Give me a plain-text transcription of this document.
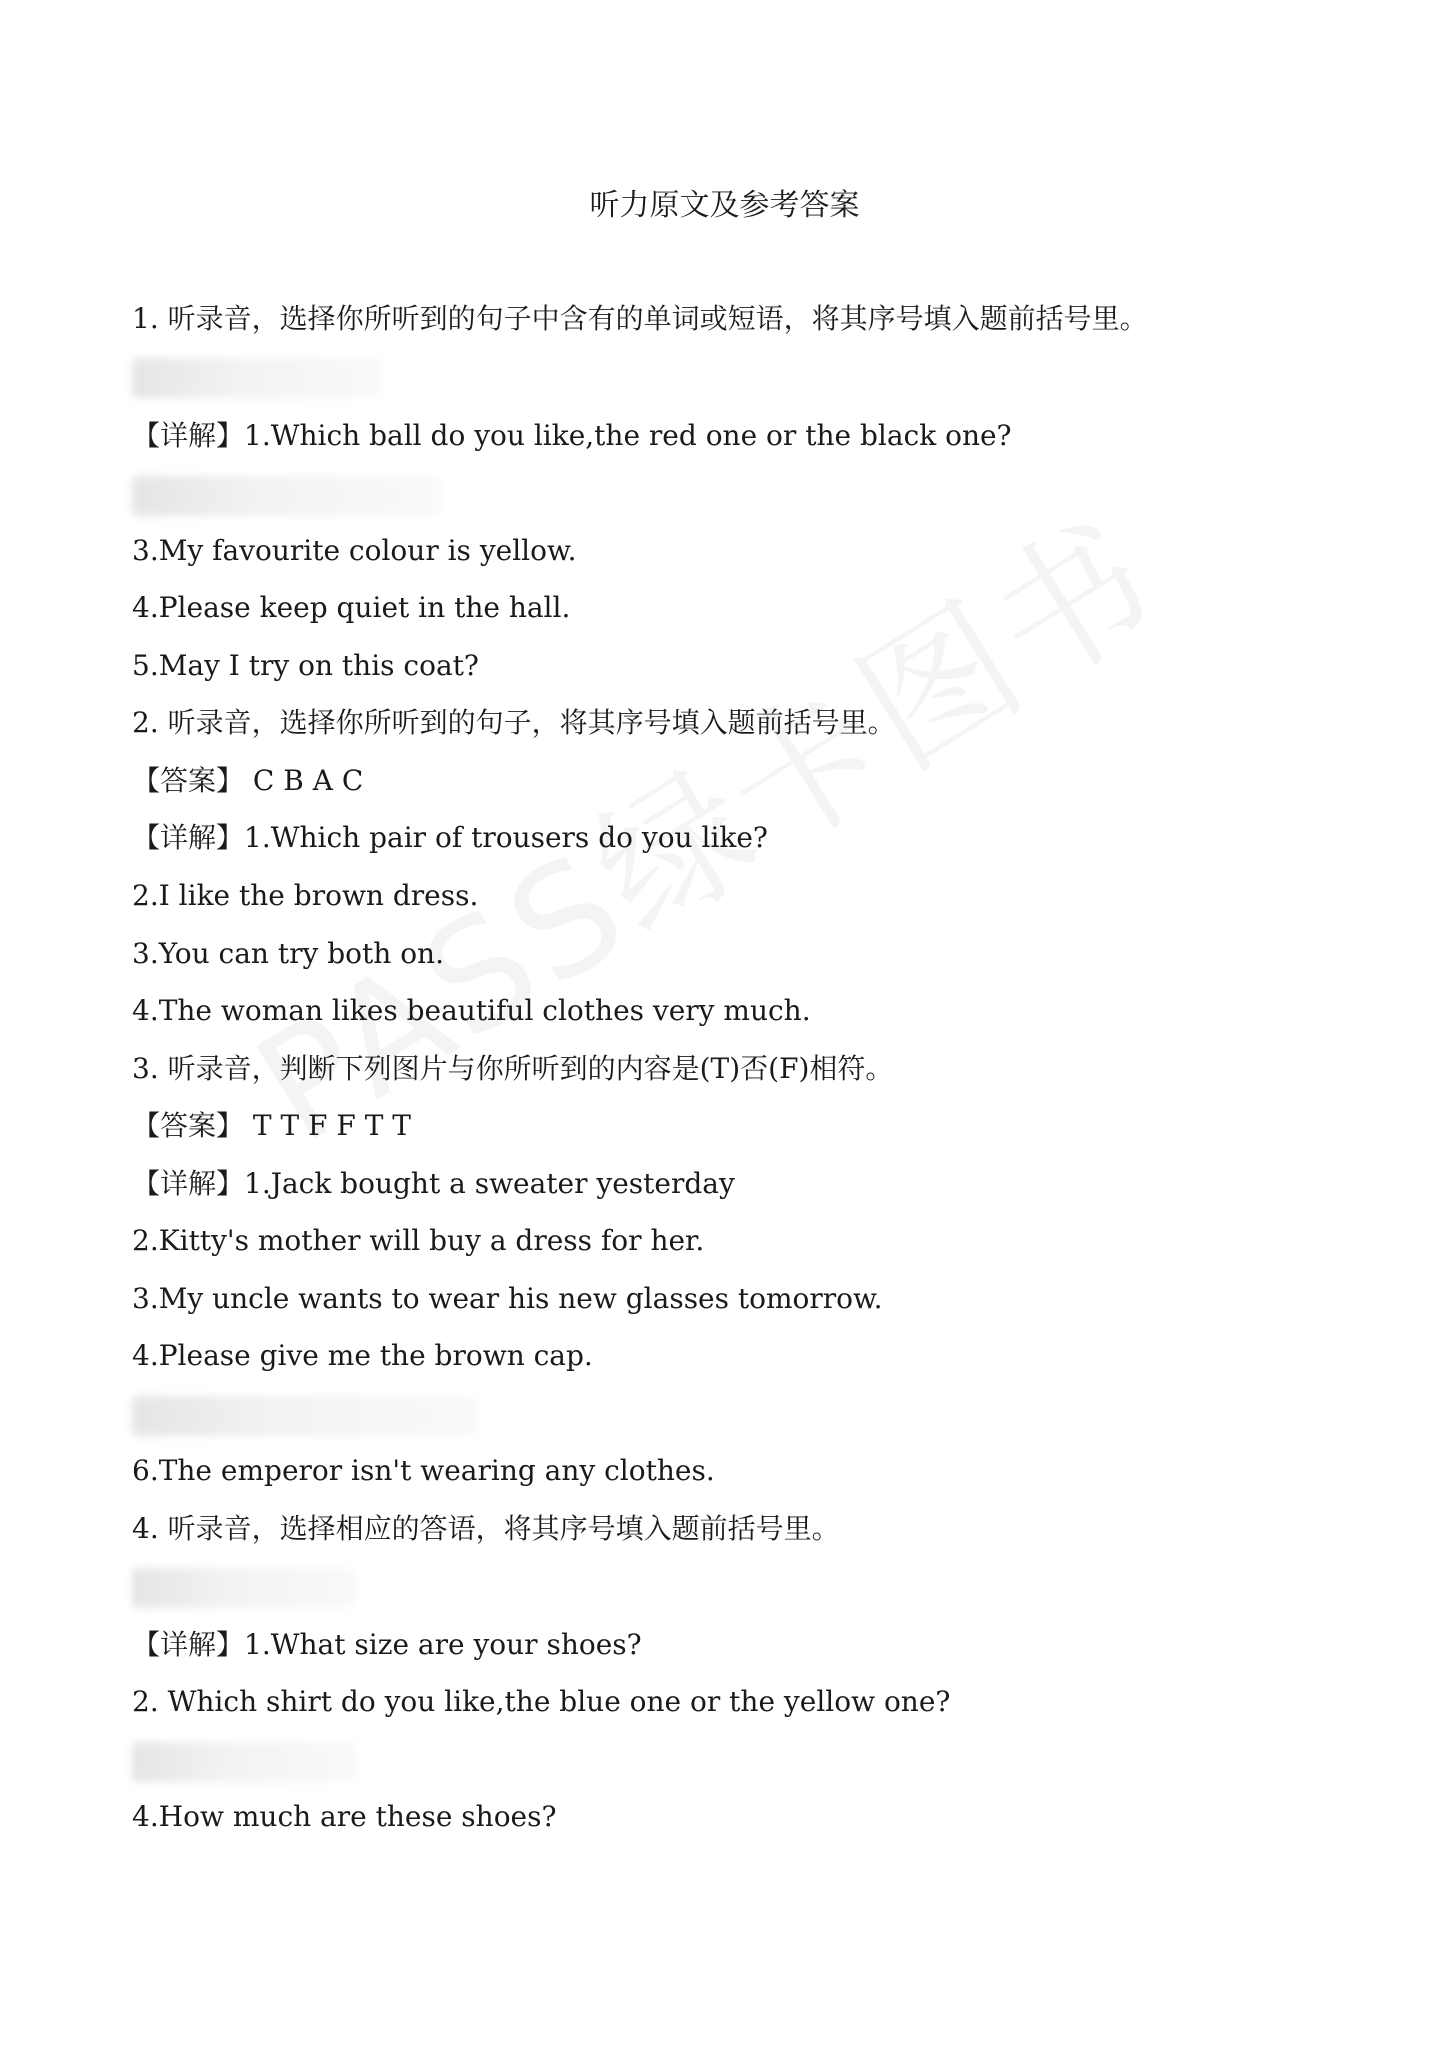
听力原文及参考答案
1. 听录音，选择你所听到的句子中含有的单词或短语，将其序号填入题前括号里。
【详解】1.Which ball do you like,the red one or the black one?
3.My favourite colour is yellow.
4.Please keep quiet in the hall.
5.May I try on this coat?
2. 听录音，选择你所听到的句子，将其序号填入题前括号里。
【答案】 C B A C
【详解】1.Which pair of trousers do you like?
2.I like the brown dress.
3.You can try both on.
4.The woman likes beautiful clothes very much.
3. 听录音，判断下列图片与你所听到的内容是(T)否(F)相符。
【答案】 T T F F T T
【详解】1.Jack bought a sweater yesterday
2.Kitty's mother will buy a dress for her.
3.My uncle wants to wear his new glasses tomorrow.
4.Please give me the brown cap.
6.The emperor isn't wearing any clothes.
4. 听录音，选择相应的答语，将其序号填入题前括号里。
【详解】1.What size are your shoes?
2. Which shirt do you like,the blue one or the yellow one?
4.How much are these shoes?
